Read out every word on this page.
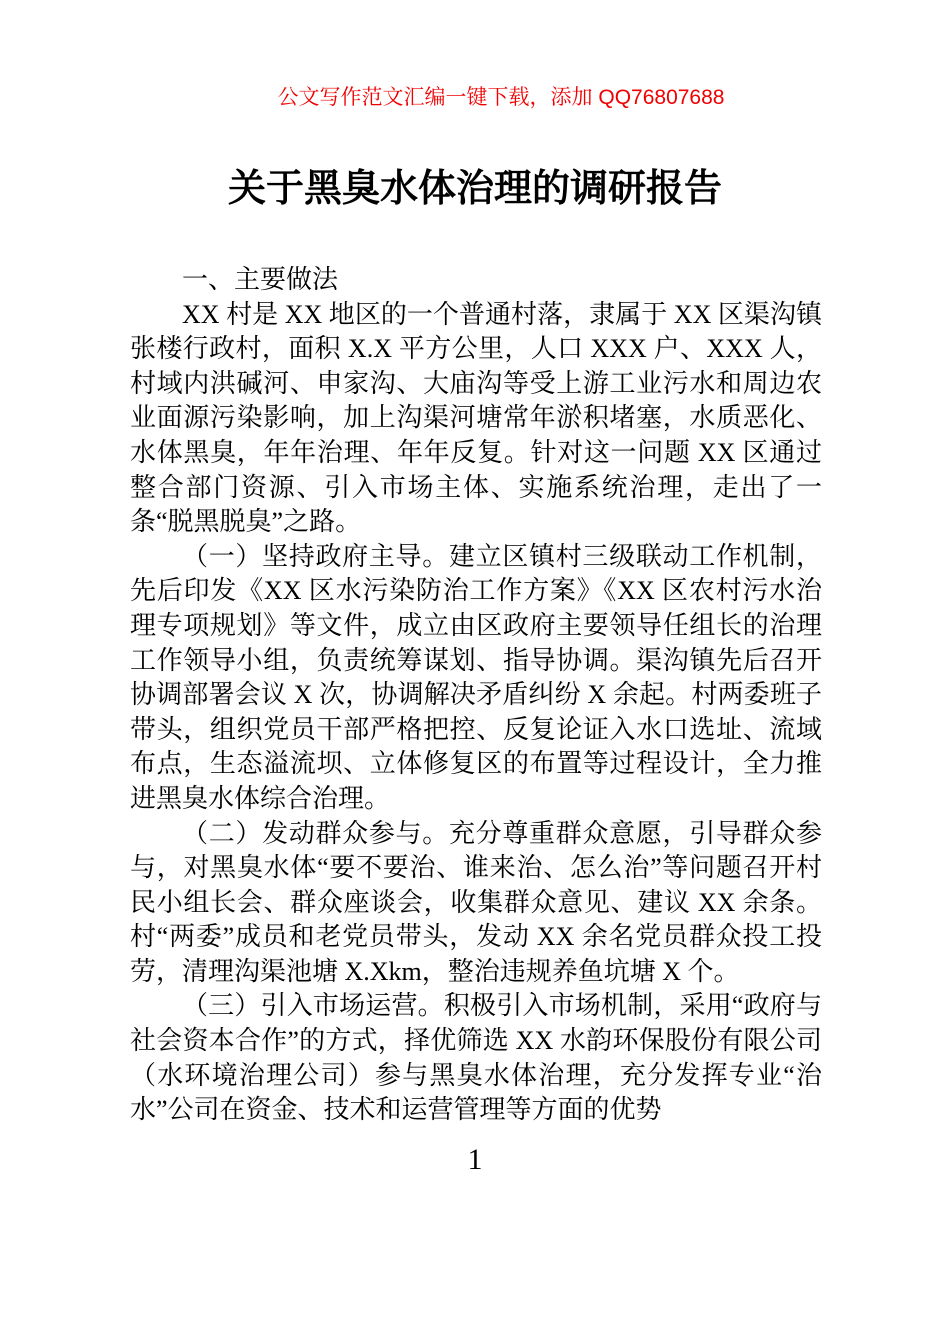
公文写作范文汇编一键下载，添加 QQ76807688
关于黑臭水体治理的调研报告

一、主要做法

XX 村是 XX 地区的一个普通村落，隶属于 XX 区渠沟镇张楼行政村，面积 X.X 平方公里，人口 XXX 户、XXX 人，村域内洪碱河、申家沟、大庙沟等受上游工业污水和周边农业面源污染影响，加上沟渠河塘常年淤积堵塞，水质恶化、水体黑臭，年年治理、年年反复。针对这一问题 XX 区通过整合部门资源、引入市场主体、实施系统治理，走出了一条“脱黑脱臭”之路。

（一）坚持政府主导。建立区镇村三级联动工作机制，先后印发《XX 区水污染防治工作方案》《XX 区农村污水治理专项规划》等文件，成立由区政府主要领导任组长的治理工作领导小组，负责统筹谋划、指导协调。渠沟镇先后召开协调部署会议 X 次，协调解决矛盾纠纷 X 余起。村两委班子带头，组织党员干部严格把控、反复论证入水口选址、流域布点，生态溢流坝、立体修复区的布置等过程设计，全力推进黑臭水体综合治理。

（二）发动群众参与。充分尊重群众意愿，引导群众参与，对黑臭水体“要不要治、谁来治、怎么治”等问题召开村民小组长会、群众座谈会，收集群众意见、建议 XX 余条。村“两委”成员和老党员带头，发动 XX 余名党员群众投工投劳，清理沟渠池塘 X.Xkm，整治违规养鱼坑塘 X 个。

（三）引入市场运营。积极引入市场机制，采用“政府与社会资本合作”的方式，择优筛选 XX 水韵环保股份有限公司（水环境治理公司）参与黑臭水体治理，充分发挥专业“治水”公司在资金、技术和运营管理等方面的优势

1
